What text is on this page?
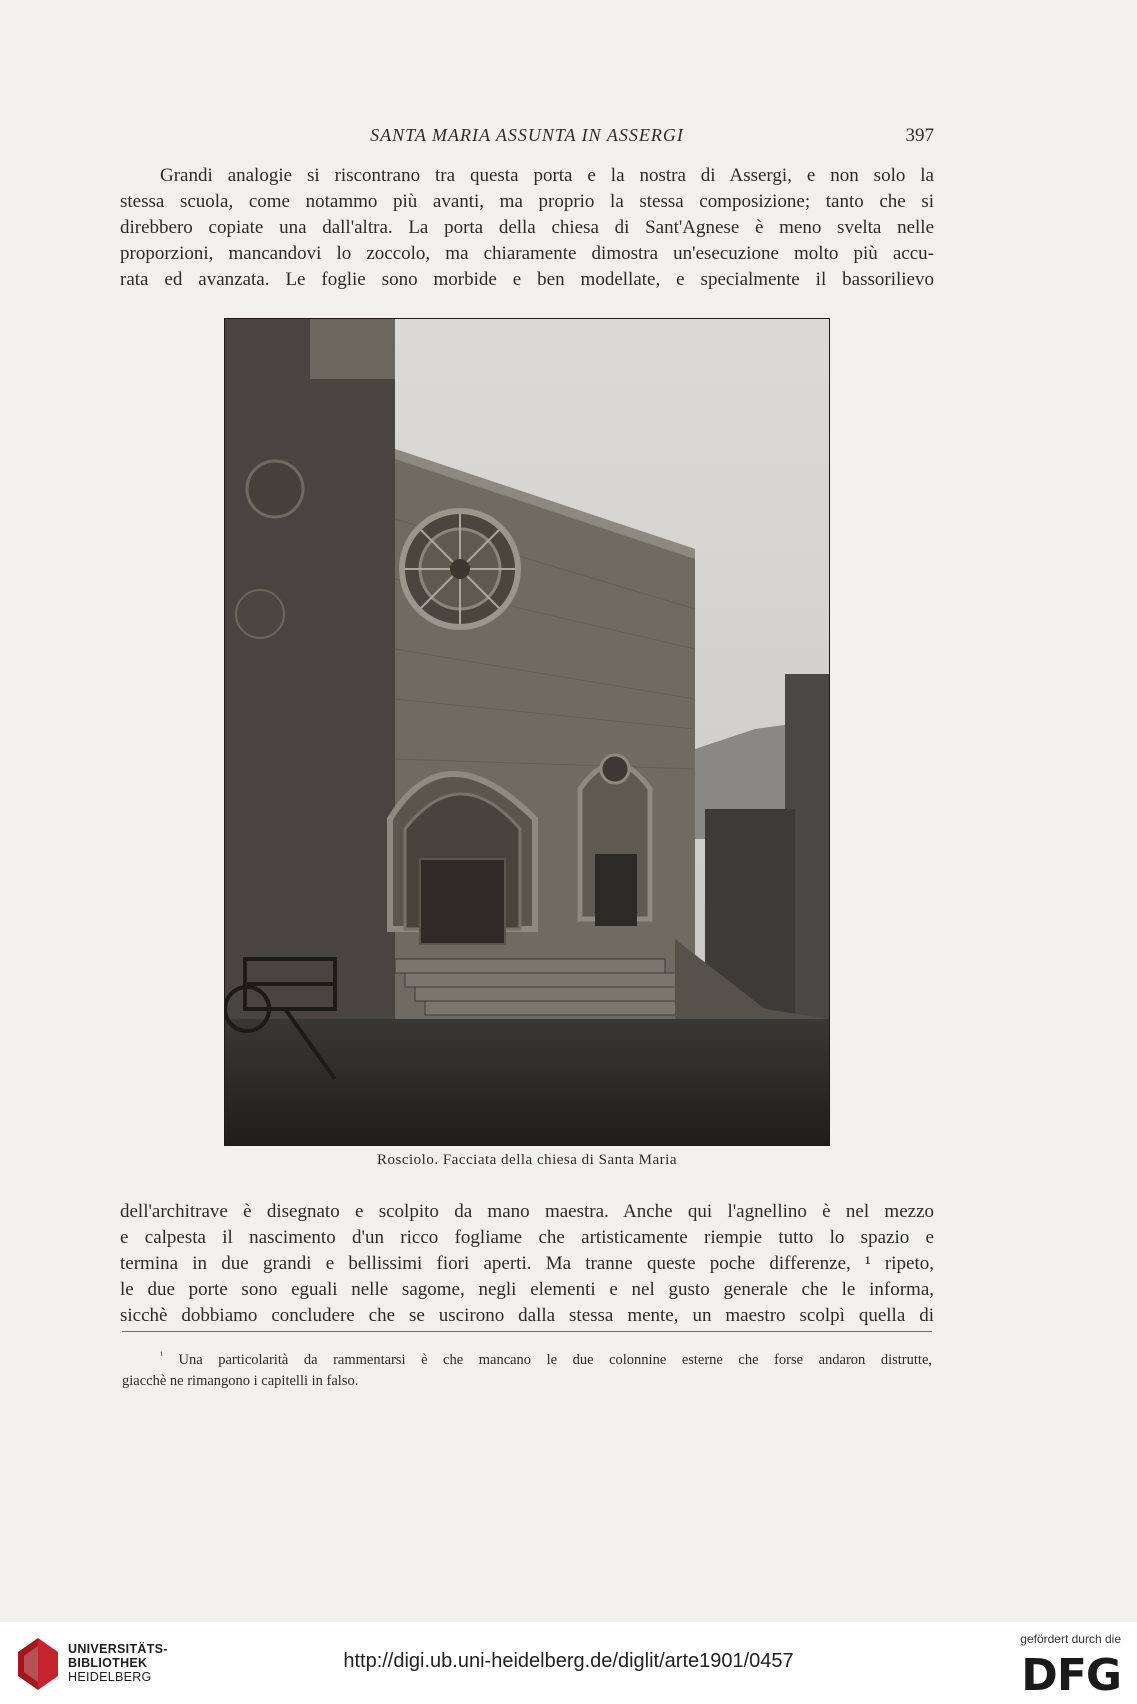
SANTA MARIA ASSUNTA IN ASSERGI	397
Grandi analogie si riscontrano tra questa porta e la nostra di Assergi, e non solo la
stessa scuola, come notammo più avanti, ma proprio la stessa composizione; tanto che si
direbbero copiate una dall'altra. La porta della chiesa di Sant'Agnese è meno svelta nelle
proporzioni, mancandovi lo zoccolo, ma chiaramente dimostra un'esecuzione molto più accu-
rata ed avanzata. Le foglie sono morbide e ben modellate, e specialmente il bassorilievo
Rosciolo. Facciata della chiesa di Santa Maria
dell'architrave è disegnato e scolpito da mano maestra. Anche qui l'agnellino è nel mezzo
e calpesta il nascimento d'un ricco fogliame che artisticamente riempie tutto lo spazio e
termina in due grandi e bellissimi fiori aperti. Ma tranne queste poche differenze, ¹ ripeto,
le due porte sono eguali nelle sagome, negli elementi e nel gusto generale che le informa,
sicchè dobbiamo concludere che se uscirono dalla stessa mente, un maestro scolpì quella di
$^{^1}$ Una particolarità da rammentarsi è che mancano le due colonnine esterne che forse andaron distrutte,
giacchè ne rimangono i capitelli in falso.
UNIVERSITÄTS-
BIBLIOTHEK
HEIDELBERG
http://digi.ub.uni-heidelberg.de/diglit/arte1901/0457
gefördert durch die
DFG
